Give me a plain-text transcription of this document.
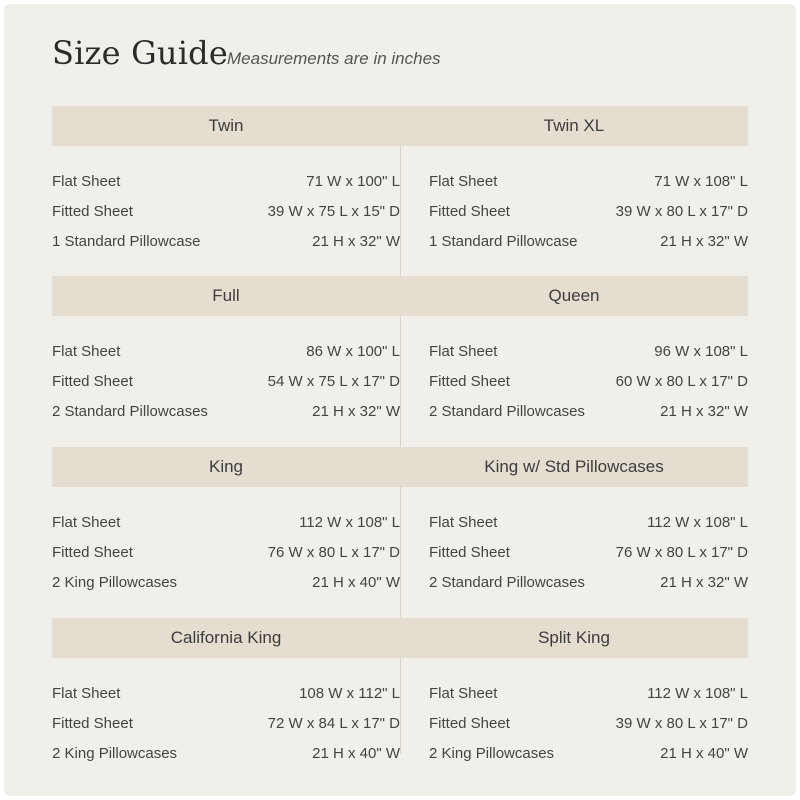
Size Guide Measurements are in inches
Twin
Flat Sheet	71 W x 100" L
Fitted Sheet	39 W x 75 L x 15" D
1 Standard Pillowcase	21 H x 32" W
Twin XL
Flat Sheet	71 W x 108" L
Fitted Sheet	39 W x 80 L x 17" D
1 Standard Pillowcase	21 H x 32" W
Full
Flat Sheet	86 W x 100" L
Fitted Sheet	54 W x 75 L x 17" D
2 Standard Pillowcases	21 H x 32" W
Queen
Flat Sheet	96 W x 108" L
Fitted Sheet	60 W x 80 L x 17" D
2 Standard Pillowcases	21 H x 32" W
King
Flat Sheet	112 W x 108" L
Fitted Sheet	76 W x 80 L x 17" D
2 King Pillowcases	21 H x 40" W
King w/ Std Pillowcases
Flat Sheet	112 W x 108" L
Fitted Sheet	76 W x 80 L x 17" D
2 Standard Pillowcases	21 H x 32" W
California King
Flat Sheet	108 W x 112" L
Fitted Sheet	72 W x 84 L x 17" D
2 King Pillowcases	21 H x 40" W
Split King
Flat Sheet	112 W x 108" L
Fitted Sheet	39 W x 80 L x 17" D
2 King Pillowcases	21 H x 40" W
